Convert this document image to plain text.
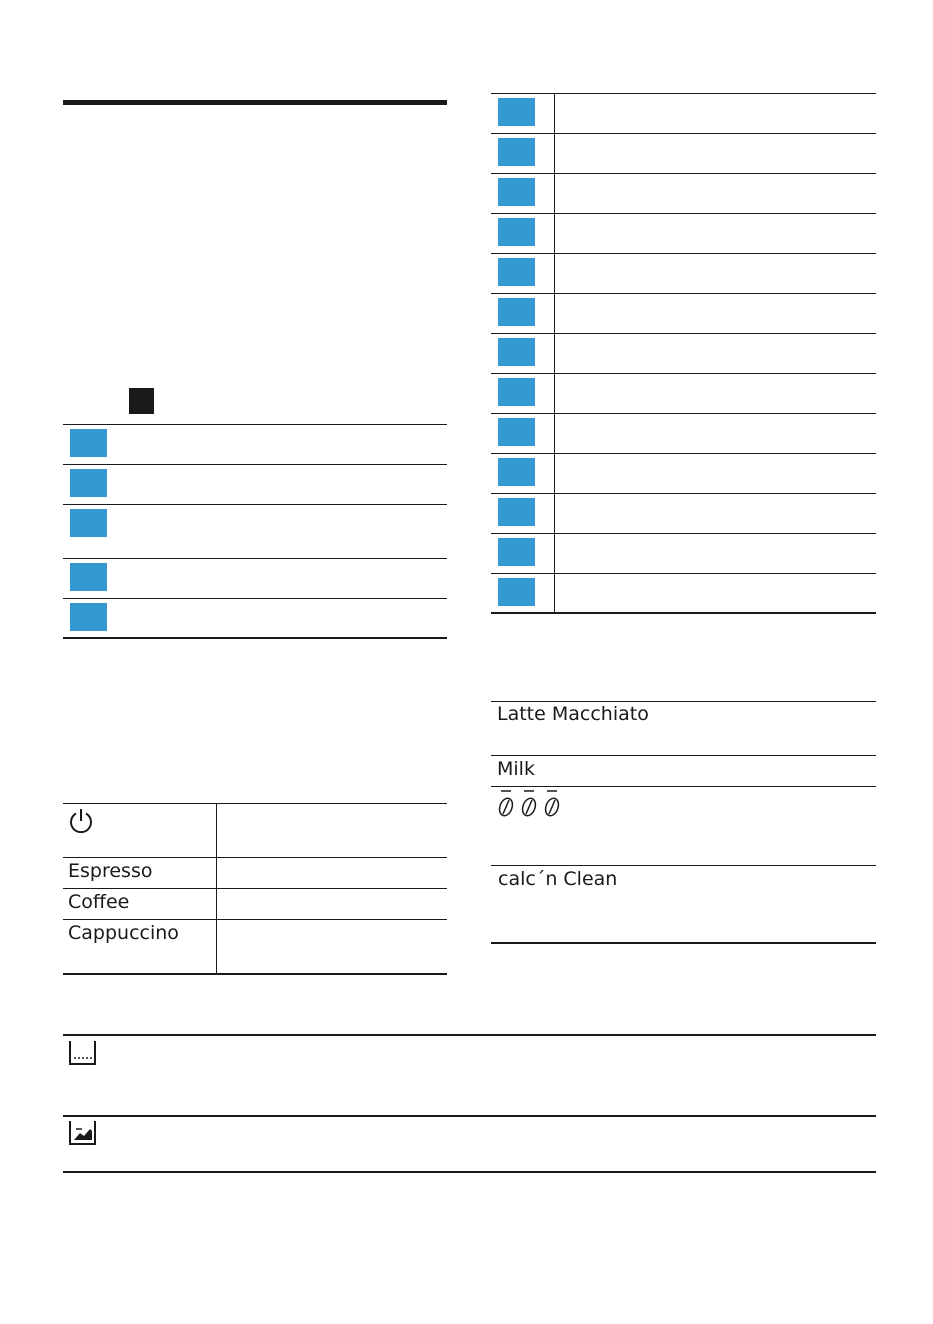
Espresso
Coffee
Cappuccino
Latte Macchiato
Milk
calc´n Clean
